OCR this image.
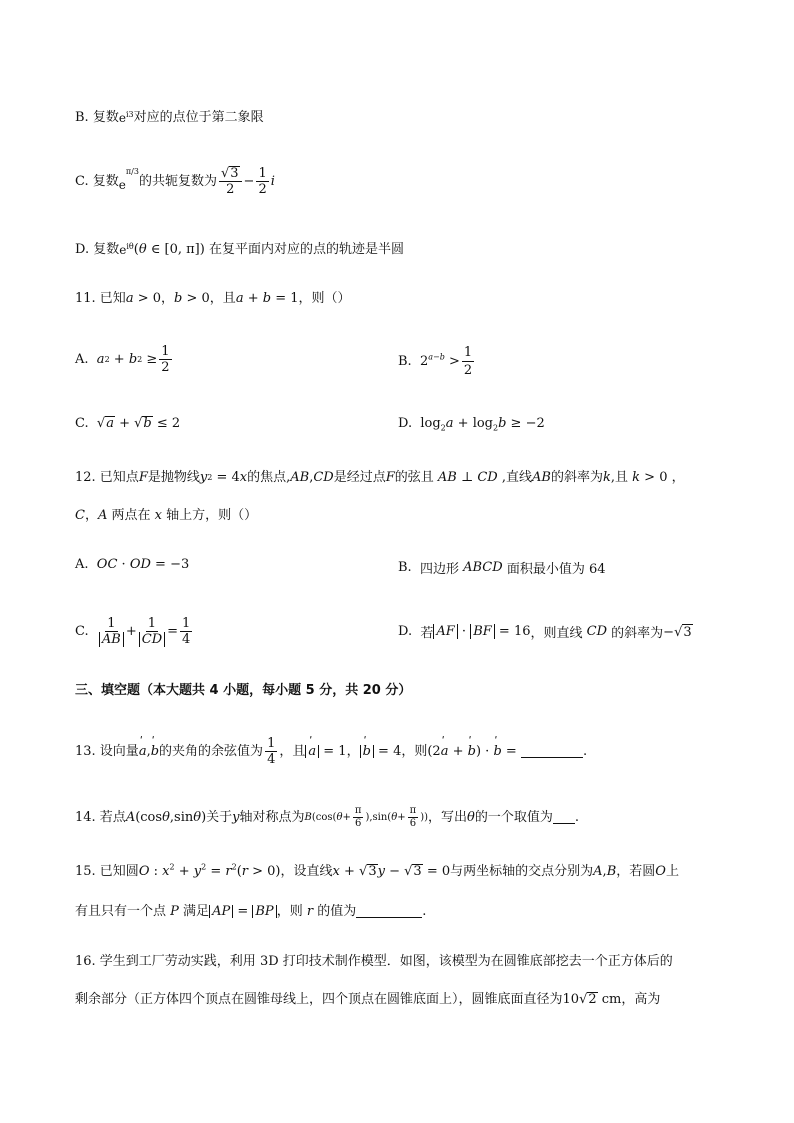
B.
复数 $e^{i3}$ 对应的点位于第二象限
C.
复数 $e^{\pi/3}$
的共轭复数为 $\frac{√ 3}{2} - \frac{1}{2}$ i
D.
复数 $e^{i\theta}$ (θ ∈ [0, π])
在复平面内对应的点的轨迹是半圆
11. 已知 a > 0 ， b > 0 ，且 a + b = 1 ，则（）
A.
a 2 + b $2 \ge \frac{1}{2}$	B.
$2^{a-b} > \frac{1}{2}$
C.
√ a + √ b ≤ 2	D.
$\log_2a + \log_2b \ge -2$
12. 已知点 F 是抛物线 y 2 = 4 x 的焦点, AB , CD 是经过点 F 的弦且
AB ⊥ CD
,直线 AB 的斜率为 k ,且
k > 0 ，
C ， A
两点在
x
轴上方，则（）
A.
OC · OD = −3	B.
四边形
ABCD
面积最小值为 64
C.
$\frac{1}{AB} + \frac{1}{CD} = \frac{1}{4}$	D.
若 AF · BF = 16 ，则直线
CD
的斜率为 −√ 3
三、填空题（本大题共 4 小题，每小题 5 分，共 20 分）
13. 设向量 ˈ a , ˈ b 的夹角的余弦值为 $\frac{1}{4}$ ，且 ˈ a = 1 ， ˈ b = 4 ，则 (2ˈ a + ˈ b) · ˈ b =	.
14. 若点 A(cosθ,sinθ) 关于 y 轴对称点为 $B(\cos(\theta+ \frac{\pi}{6} ),\sin(\theta+ \frac{\pi}{6}$ )) ，写出 θ 的一个取值为 .
15. 已知圆 O : $x^2 + y^2 = r^2(r > 0)$ ，设直线 x + √ 3 y − √ 3 = 0 与两坐标轴的交点分别为 A , B ，若圆 O 上
有且只有一个点
P
满足 AP = BP ，则
r
的值为	.
16. 学生到工厂劳动实践，利用 3D 打印技术制作模型．如图，该模型为在圆锥底部挖去一个正方体后的
剩余部分（正方体四个顶点在圆锥母线上，四个顶点在圆锥底面上），圆锥底面直径为 10√ 2
cm，高为
